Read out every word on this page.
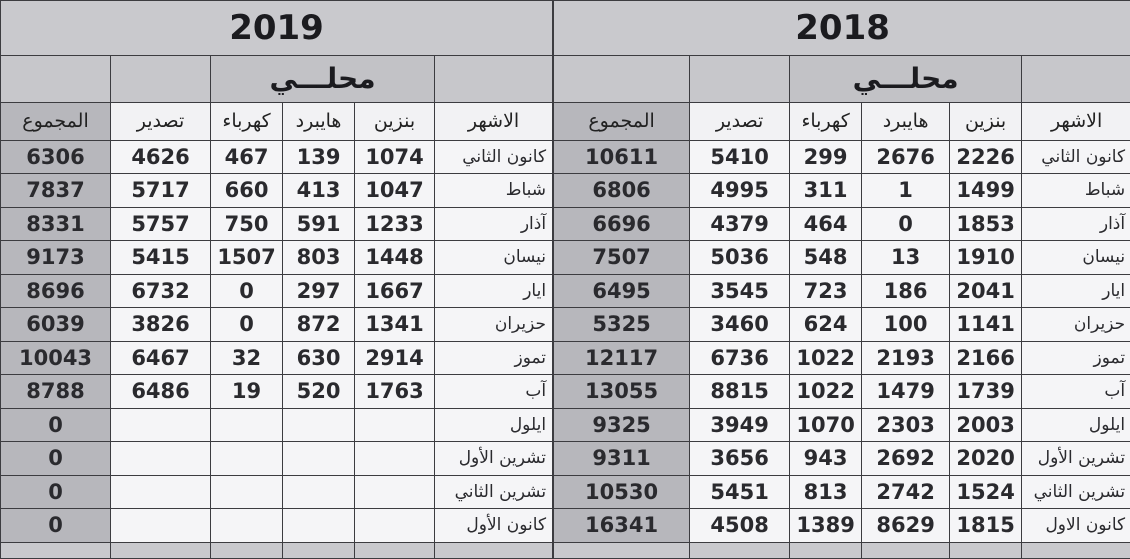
2019					
	محلـــي				
الاشهر	بنزين	هايبرد	كهرباء	تصدير	المجموع
كانون الثاني	1074	139	467	4626	6306
شباط	1047	413	660	5717	7837
آذار	1233	591	750	5757	8331
نيسان	1448	803	1507	5415	9173
ايار	1667	297	0	6732	8696
حزيران	1341	872	0	3826	6039
تموز	2914	630	32	6467	10043
آب	1763	520	19	6486	8788
ايلول					0
تشرين الأول					0
تشرين الثاني					0
كانون الأول					0

2018					
	محلـــي				
الاشهر	بنزين	هايبرد	كهرباء	تصدير	المجموع
كانون الثاني	2226	2676	299	5410	10611
شباط	1499	1	311	4995	6806
آذار	1853	0	464	4379	6696
نيسان	1910	13	548	5036	7507
ايار	2041	186	723	3545	6495
حزيران	1141	100	624	3460	5325
تموز	2166	2193	1022	6736	12117
آب	1739	1479	1022	8815	13055
ايلول	2003	2303	1070	3949	9325
تشرين الأول	2020	2692	943	3656	9311
تشرين الثاني	1524	2742	813	5451	10530
كانون الاول	1815	8629	1389	4508	16341
